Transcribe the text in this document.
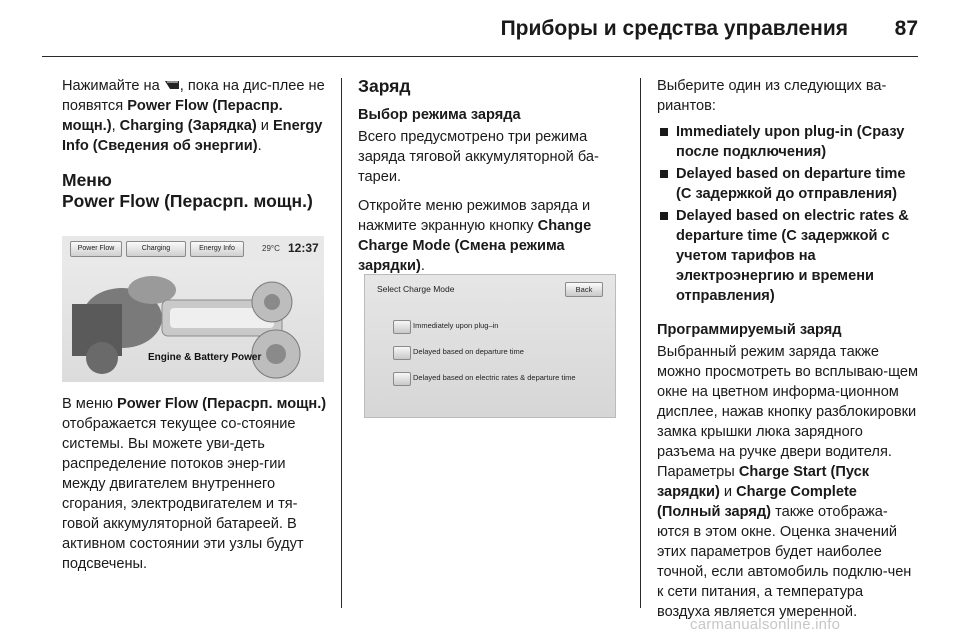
Приборы и средства управления 87

Нажимайте на , пока на дис-плее не появятся Power Flow (Пераспр. мощн.), Charging (Зарядка) и Energy Info (Сведения об энергии).

Меню
Power Flow (Перасрп. мощн.)
Power Flow	Charging	Energy Info	29°C 12:37
Engine & Battery Power

В меню Power Flow (Перасрп. мощн.) отображается текущее со-стояние системы. Вы можете уви-деть распределение потоков энер-гии между двигателем внутреннего сгорания, электродвигателем и тя-говой аккумуляторной батареей. В активном состоянии эти узлы будут подсвечены.

Заряд
Выбор режима заряда

Всего предусмотрено три режима заряда тяговой аккумуляторной ба-тареи.

Откройте меню режимов заряда и нажмите экранную кнопку Change Charge Mode (Смена режима зарядки).

Select Charge Mode	Back
Immediately upon plug–in
Delayed based on departure time
Delayed based on electric rates & departure time

Выберите один из следующих ва-риантов:

Immediately upon plug-in (Сразу после подключения)
Delayed based on departure time (С задержкой до отправления)
Delayed based on electric rates & departure time (С задержкой с учетом тарифов на электроэнергию и времени отправления)
Программируемый заряд

Выбранный режим заряда также можно просмотреть во всплываю-щем окне на цветном информа-ционном дисплее, нажав кнопку разблокировки замка крышки люка зарядного разъема на ручке двери водителя. Параметры Charge Start (Пуск зарядки) и Charge Complete (Полный заряд) также отобража-ются в этом окне. Оценка значений этих параметров будет наиболее точной, если автомобиль подклю-чен к сети питания, а температура воздуха является умеренной.

carmanualsonline.info
